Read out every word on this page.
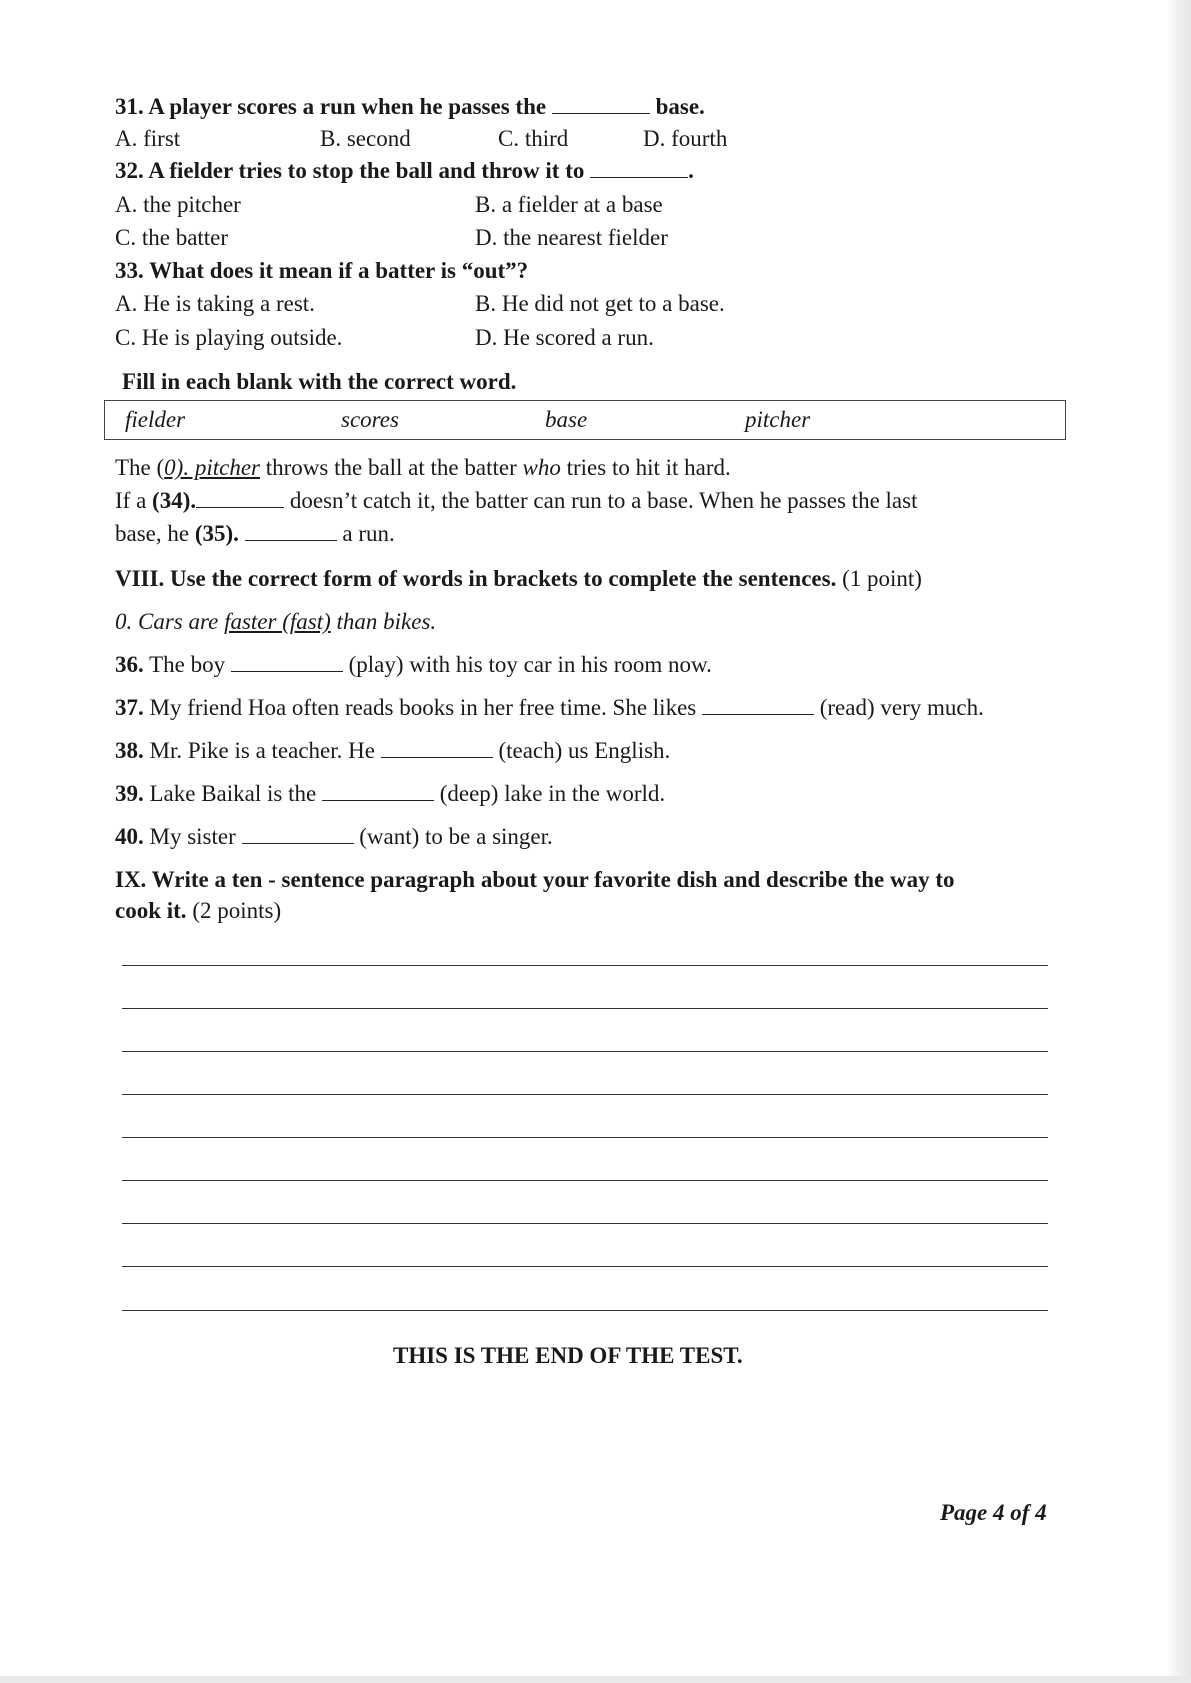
31. A player scores a run when he passes the	base.
A. first	B. second	C. third	D. fourth
32. A fielder tries to stop the ball and throw it to	.
A. the pitcher	B. a fielder at a base
C. the batter	D. the nearest fielder
33. What does it mean if a batter is “out”?
A. He is taking a rest.	B. He did not get to a base.
C. He is playing outside.	D. He scored a run.
Fill in each blank with the correct word.
fielder	scores	base	pitcher
The (0). pitcher throws the ball at the batter who tries to hit it hard.
If a (34).	doesn’t catch it, the batter can run to a base. When he passes the last
base, he (35).	a run.
VIII. Use the correct form of words in brackets to complete the sentences. (1 point)
0. Cars are faster (fast) than bikes.
36. The boy	(play) with his toy car in his room now.
37. My friend Hoa often reads books in her free time. She likes	(read) very much.
38. Mr. Pike is a teacher. He	(teach) us English.
39. Lake Baikal is the	(deep) lake in the world.
40. My sister	(want) to be a singer.
IX. Write a ten - sentence paragraph about your favorite dish and describe the way to
cook it. (2 points)
THIS IS THE END OF THE TEST.
Page 4 of 4
